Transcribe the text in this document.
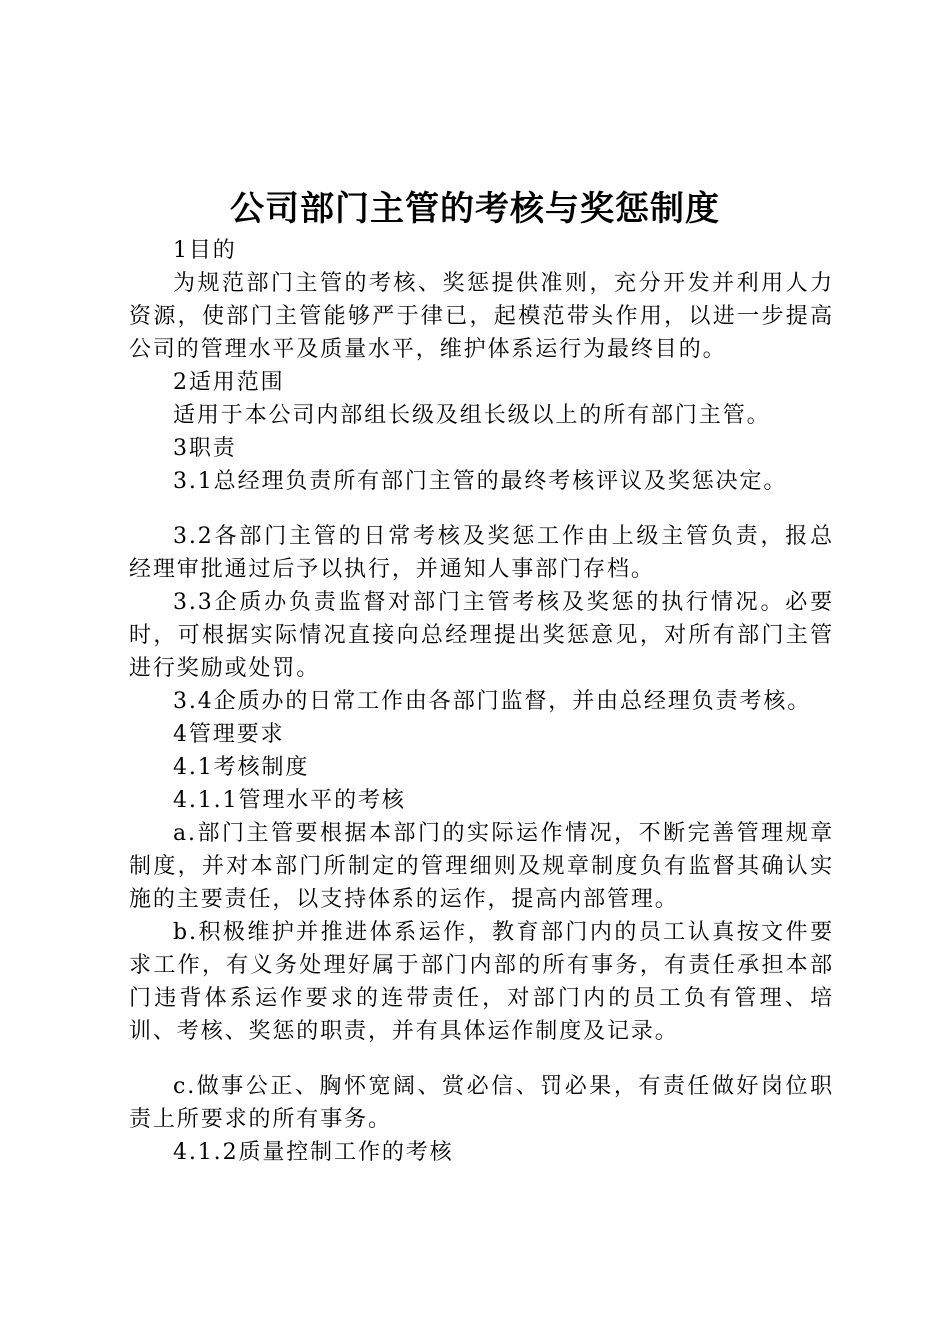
公司部门主管的考核与奖惩制度

1目的

为规范部门主管的考核、奖惩提供准则，充分开发并利用人力资源，使部门主管能够严于律已，起模范带头作用，以进一步提高公司的管理水平及质量水平，维护体系运行为最终目的。

2适用范围

适用于本公司内部组长级及组长级以上的所有部门主管。

3职责

3.1总经理负责所有部门主管的最终考核评议及奖惩决定。

3.2各部门主管的日常考核及奖惩工作由上级主管负责，报总经理审批通过后予以执行，并通知人事部门存档。

3.3企质办负责监督对部门主管考核及奖惩的执行情况。必要时，可根据实际情况直接向总经理提出奖惩意见，对所有部门主管进行奖励或处罚。

3.4企质办的日常工作由各部门监督，并由总经理负责考核。

4管理要求

4.1考核制度

4.1.1管理水平的考核

a.部门主管要根据本部门的实际运作情况，不断完善管理规章制度，并对本部门所制定的管理细则及规章制度负有监督其确认实施的主要责任，以支持体系的运作，提高内部管理。

b.积极维护并推进体系运作，教育部门内的员工认真按文件要求工作，有义务处理好属于部门内部的所有事务，有责任承担本部门违背体系运作要求的连带责任，对部门内的员工负有管理、培训、考核、奖惩的职责，并有具体运作制度及记录。

c.做事公正、胸怀宽阔、赏必信、罚必果，有责任做好岗位职责上所要求的所有事务。

4.1.2质量控制工作的考核
